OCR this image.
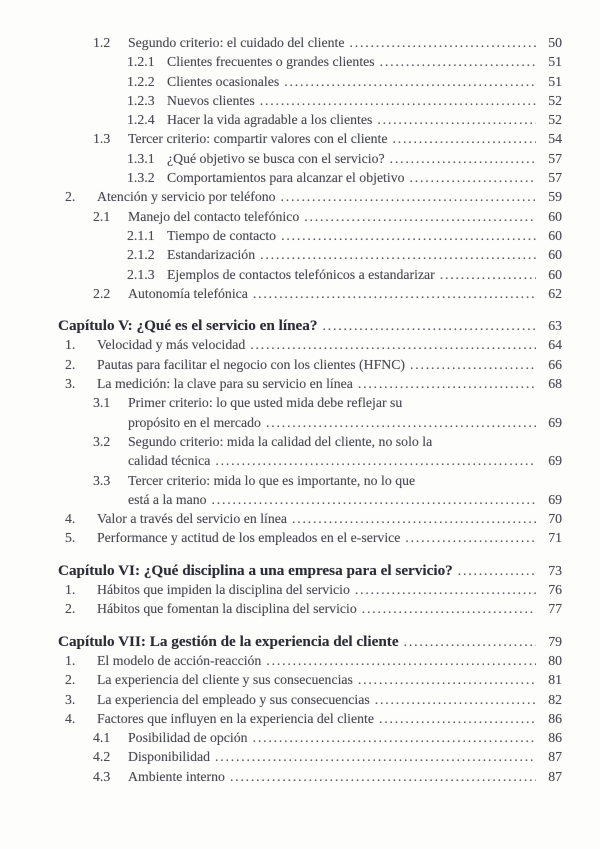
1.2	Segundo criterio: el cuidado del cliente .....	50
1.2.1 Clientes frecuentes o grandes clientes .....	51
1.2.2 Clientes ocasionales .....	51
1.2.3 Nuevos clientes .....	52
1.2.4 Hacer la vida agradable a los clientes .....	52
1.3	Tercer criterio: compartir valores con el cliente .....	54
1.3.1 ¿Qué objetivo se busca con el servicio? .....	57
1.3.2 Comportamientos para alcanzar el objetivo .....	57
2.	Atención y servicio por teléfono .....	59
2.1	Manejo del contacto telefónico .....	60
2.1.1 Tiempo de contacto .....	60
2.1.2 Estandarización .....	60
2.1.3 Ejemplos de contactos telefónicos a estandarizar .....	60
2.2	Autonomía telefónica .....	62
Capítulo V: ¿Qué es el servicio en línea? .....	63
1.	Velocidad y más velocidad .....	64
2.	Pautas para facilitar el negocio con los clientes (HFNC) .....	66
3.	La medición: la clave para su servicio en línea .....	68
3.1	Primer criterio: lo que usted mida debe reflejar su
propósito en el mercado .....	69
3.2	Segundo criterio: mida la calidad del cliente, no solo la
calidad técnica .....	69
3.3	Tercer criterio: mida lo que es importante, no lo que
está a la mano .....	69
4.	Valor a través del servicio en línea .....	70
5.	Performance y actitud de los empleados en el e-service .....	71
Capítulo VI: ¿Qué disciplina a una empresa para el servicio? .....	73
1.	Hábitos que impiden la disciplina del servicio .....	76
2.	Hábitos que fomentan la disciplina del servicio .....	77
Capítulo VII: La gestión de la experiencia del cliente .....	79
1.	El modelo de acción-reacción .....	80
2.	La experiencia del cliente y sus consecuencias .....	81
3.	La experiencia del empleado y sus consecuencias .....	82
4.	Factores que influyen en la experiencia del cliente .....	86
4.1	Posibilidad de opción .....	86
4.2	Disponibilidad .....	87
4.3	Ambiente interno .....	87
